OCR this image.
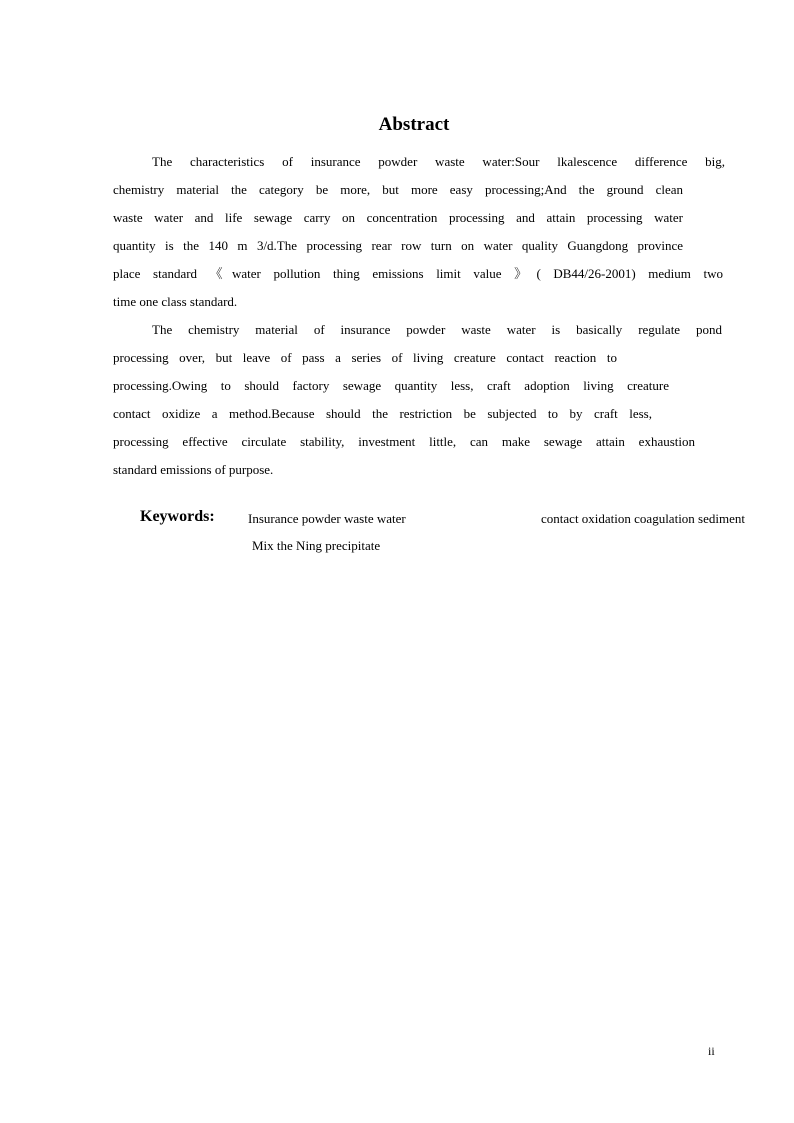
Abstract
The characteristics of insurance powder waste water:Sour lkalescence difference big,
chemistry material the category be more, but more easy processing;And the ground clean
waste water and life sewage carry on concentration processing and attain processing water
quantity is the 140 m 3/d.The processing rear row turn on water quality Guangdong province
place standard 《water pollution thing emissions limit value 》( DB44/26-2001) medium two
time one class standard.
The chemistry material of insurance powder waste water is basically regulate pond
processing over, but leave of pass a series of living creature contact reaction to
processing.Owing to should factory sewage quantity less, craft adoption living creature
contact oxidize a method.Because should the restriction be subjected to by craft less,
processing effective circulate stability, investment little, can make sewage attain exhaustion
standard emissions of purpose.
Keywords:	Insurance powder waste water	contact oxidation coagulation sediment
Mix the Ning precipitate
ii
